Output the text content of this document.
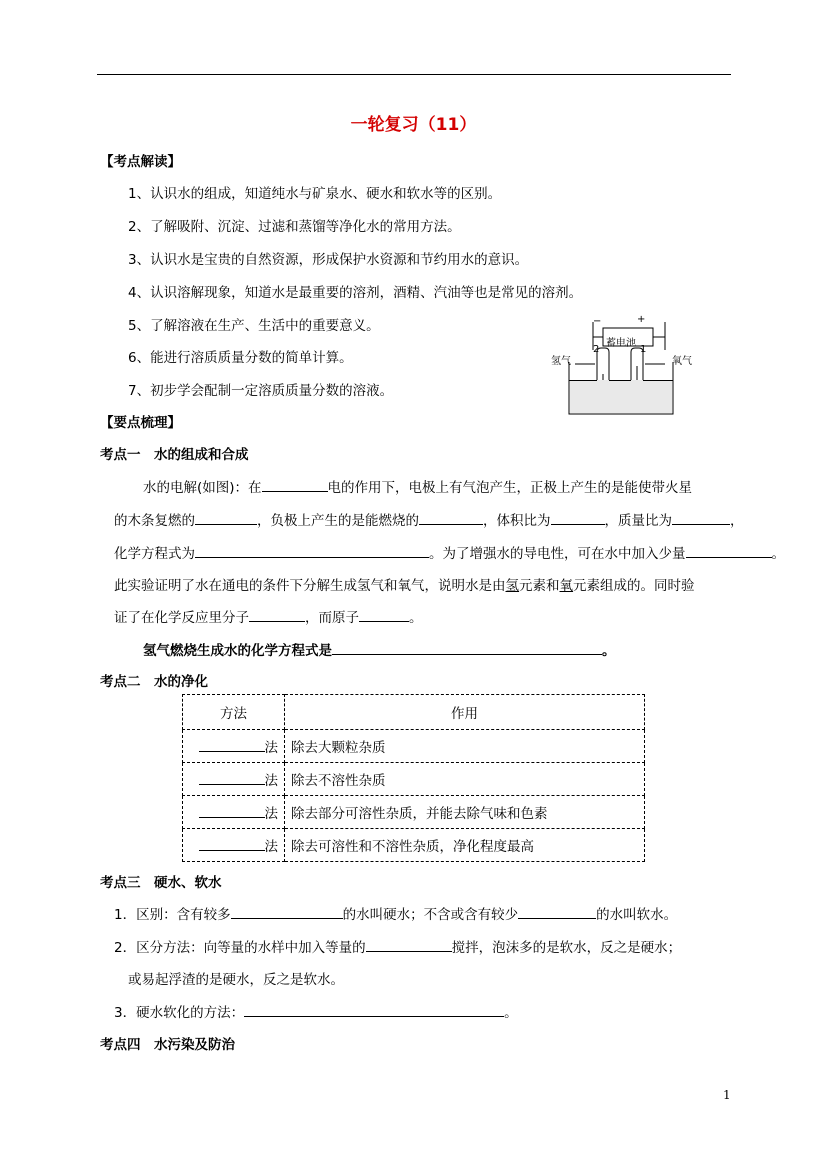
一轮复习（11）
【考点解读】
1、认识水的组成，知道纯水与矿泉水、硬水和软水等的区别。
2、了解吸附、沉淀、过滤和蒸馏等净化水的常用方法。
3、认识水是宝贵的自然资源，形成保护水资源和节约用水的意识。
4、认识溶解现象，知道水是最重要的溶剂，酒精、汽油等也是常见的溶剂。
5、了解溶液在生产、生活中的重要意义。
6、能进行溶质质量分数的简单计算。
7、初步学会配制一定溶质质量分数的溶液。
蓄电池
−	+
氢气	氧气
2	1
【要点梳理】
考点一　水的组成和合成
水的电解(如图)：在	电的作用下，电极上有气泡产生，正极上产生的是能使带火星
的木条复燃的	，负极上产生的是能燃烧的	，体积比为	，质量比为	，
化学方程式为	。为了增强水的导电性，可在水中加入少量	。
此实验证明了水在通电的条件下分解生成氢气和氧气，说明水是由氢元素和氧元素组成的。同时验
证了在化学反应里分子	，而原子	。
氢气燃烧生成水的化学方程式是	。
考点二　水的净化
方法	作用
法	除去大颗粒杂质
法	除去不溶性杂质
法	除去部分可溶性杂质，并能去除气味和色素
法	除去可溶性和不溶性杂质，净化程度最高
考点三　硬水、软水
1．区别：含有较多	的水叫硬水；不含或含有较少	的水叫软水。
2．区分方法：向等量的水样中加入等量的	搅拌，泡沫多的是软水，反之是硬水；
或易起浮渣的是硬水，反之是软水。
3．硬水软化的方法：	。
考点四　水污染及防治
1
